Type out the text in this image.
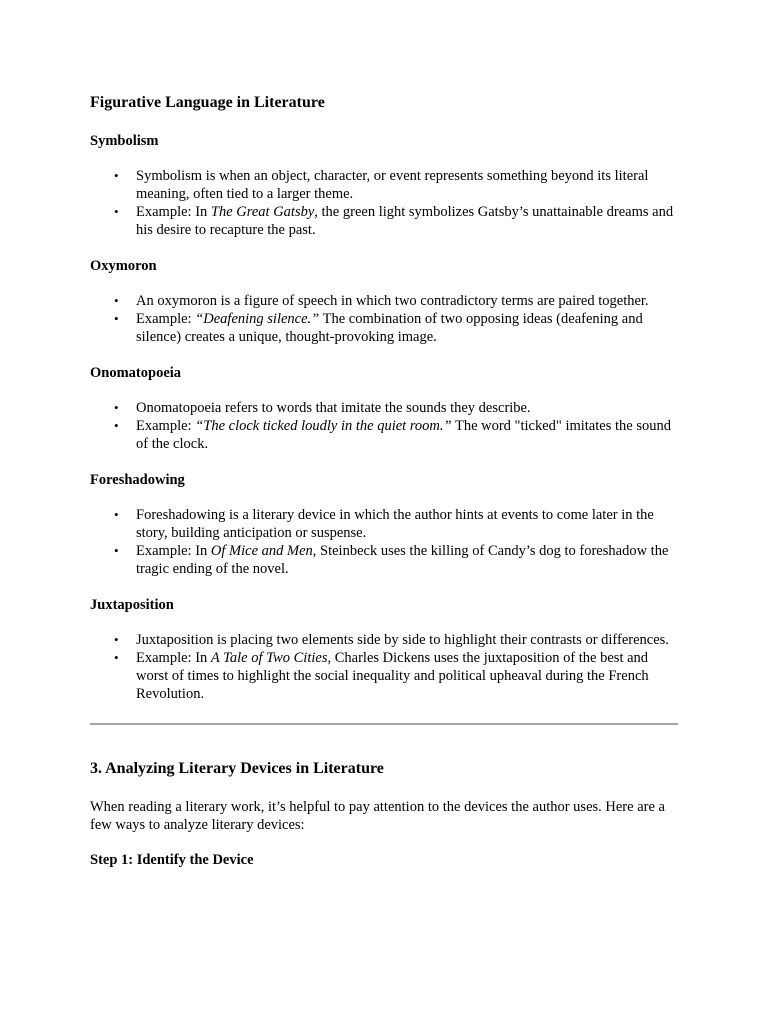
Figurative Language in Literature
Symbolism
• Symbolism is when an object, character, or event represents something beyond its literal meaning, often tied to a larger theme.
• Example: In The Great Gatsby, the green light symbolizes Gatsby’s unattainable dreams and his desire to recapture the past.
Oxymoron
• An oxymoron is a figure of speech in which two contradictory terms are paired together.
• Example: “Deafening silence.” The combination of two opposing ideas (deafening and silence) creates a unique, thought-provoking image.
Onomatopoeia
• Onomatopoeia refers to words that imitate the sounds they describe.
• Example: “The clock ticked loudly in the quiet room.” The word "ticked" imitates the sound of the clock.
Foreshadowing
• Foreshadowing is a literary device in which the author hints at events to come later in the story, building anticipation or suspense.
• Example: In Of Mice and Men, Steinbeck uses the killing of Candy’s dog to foreshadow the tragic ending of the novel.
Juxtaposition
• Juxtaposition is placing two elements side by side to highlight their contrasts or differences.
• Example: In A Tale of Two Cities, Charles Dickens uses the juxtaposition of the best and worst of times to highlight the social inequality and political upheaval during the French Revolution.
3. Analyzing Literary Devices in Literature

When reading a literary work, it’s helpful to pay attention to the devices the author uses. Here are a few ways to analyze literary devices:

Step 1: Identify the Device
